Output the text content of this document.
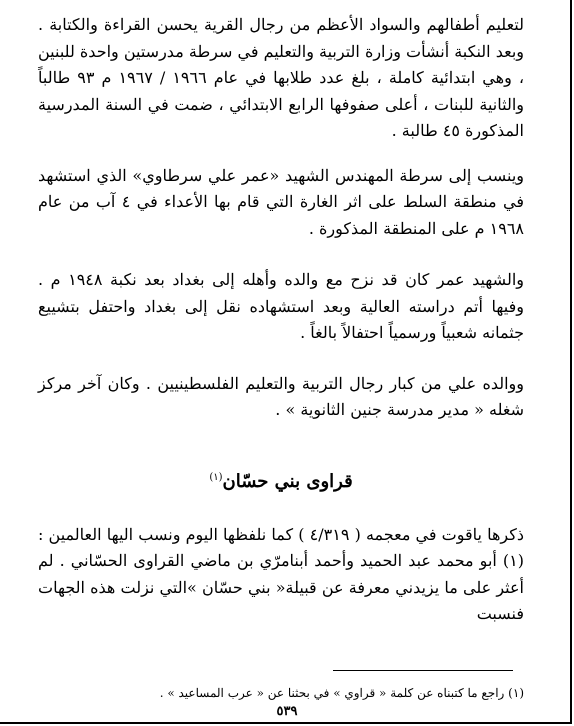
لتعليم أطفالهم والسواد الأعظم من رجال القرية يحسن القراءة والكتابة . وبعد النكبة أنشأت وزارة التربية والتعليم في سرطة مدرستين واحدة للبنين ، وهي ابتدائية كاملة ، بلغ عدد طلابها في عام ١٩٦٦ / ١٩٦٧ م ٩٣ طالباً والثانية للبنات ، أعلى صفوفها الرابع الابتدائي ، ضمت في السنة المدرسية المذكورة ٤٥ طالبة .

وينسب إلى سرطة المهندس الشهيد «عمر علي سرطاوي» الذي استشهد في منطقة السلط على اثر الغارة التي قام بها الأعداء في ٤ آب من عام ١٩٦٨ م على المنطقة المذكورة .

والشهيد عمر كان قد نزح مع والده وأهله إلى بغداد بعد نكبة ١٩٤٨ م . وفيها أتم دراسته العالية وبعد استشهاده نقل إلى بغداد واحتفل بتشييع جثمانه شعبياً ورسمياً احتفالاً بالغاً .

ووالده علي من كبار رجال التربية والتعليم الفلسطينيين . وكان آخر مركز شغله « مدير مدرسة جنين الثانوية » .

قراوى بني حسّان$^{(١)}$

ذكرها ياقوت في معجمه ( ٤/٣١٩ ) كما نلفظها اليوم ونسب اليها العالمين : (١) أبو محمد عبد الحميد وأحمد أبنامرّي بن ماضي القراوى الحسّاني . لم أعثر على ما يزيدني معرفة عن قبيلة« بني حسّان »التي نزلت هذه الجهات فنسبت

(١) راجع ما كتبناه عن كلمة « قراوي » في بحثنا عن « عرب المساعيد » .
٥٣٩
